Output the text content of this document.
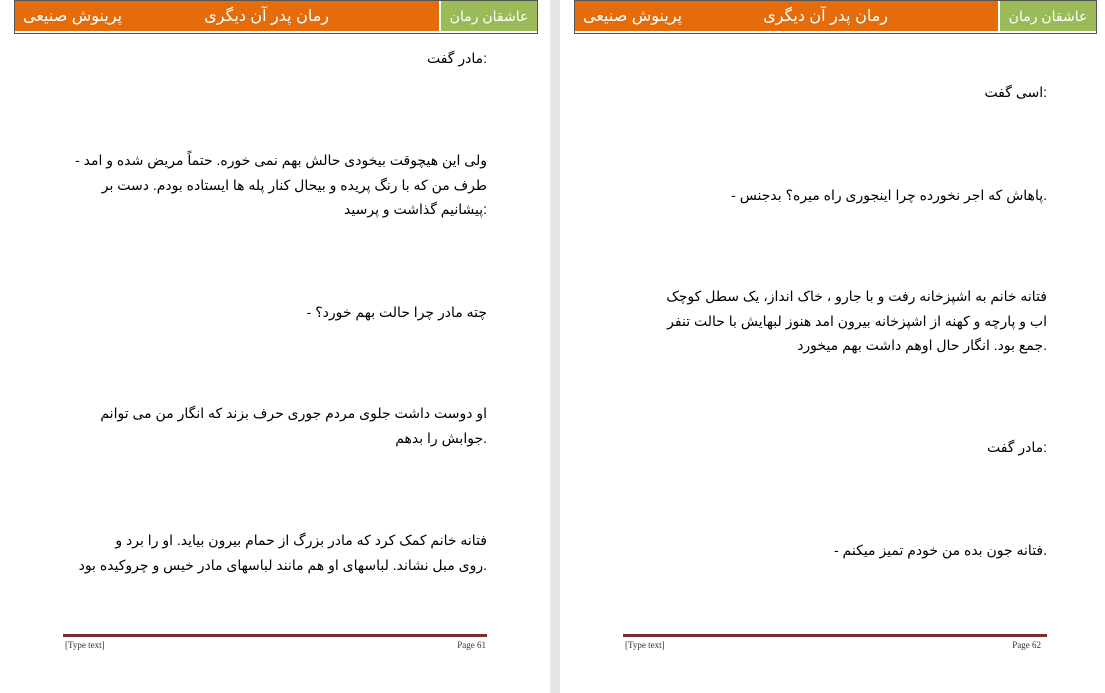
پرینوش صنیعی	رمان پدر آن دیگری	عاشقان رمان
:مادر گفت
ولی این هیچوقت بیخودی حالش بهم نمی خوره. حتماً مریض شده و امد -
طرف من که با رنگ پریده و بیحال کنار پله ها ایستاده بودم. دست بر
:پیشانیم گذاشت و پرسید
چته مادر چرا حالت بهم خورد؟ -
او دوست داشت جلوی مردم جوری حرف بزند که انگار من می توانم
.جوابش را بدهم
فتانه خانم کمک کرد که مادر بزرگ از حمام بیرون بیاید. او را برد و
.روی مبل نشاند. لباسهای او هم مانند لباسهای مادر خیس و چروکیده بود
[Type text]	Page 61
پرینوش صنیعی	رمان پدر آن دیگری	عاشقان رمان
:اسی گفت
.پاهاش که اجر نخورده چرا اینجوری راه میره؟ بدجنس -
فتانه خانم به اشپزخانه رفت و با جارو ، خاک انداز، یک سطل کوچک
اب و پارچه و کهنه از اشپزخانه بیرون امد هنوز لبهایش با حالت تنفر
.جمع بود. انگار حال اوهم داشت بهم میخورد
:مادر گفت
.فتانه جون بده من خودم تمیز میکنم -
[Type text]	Page 62
